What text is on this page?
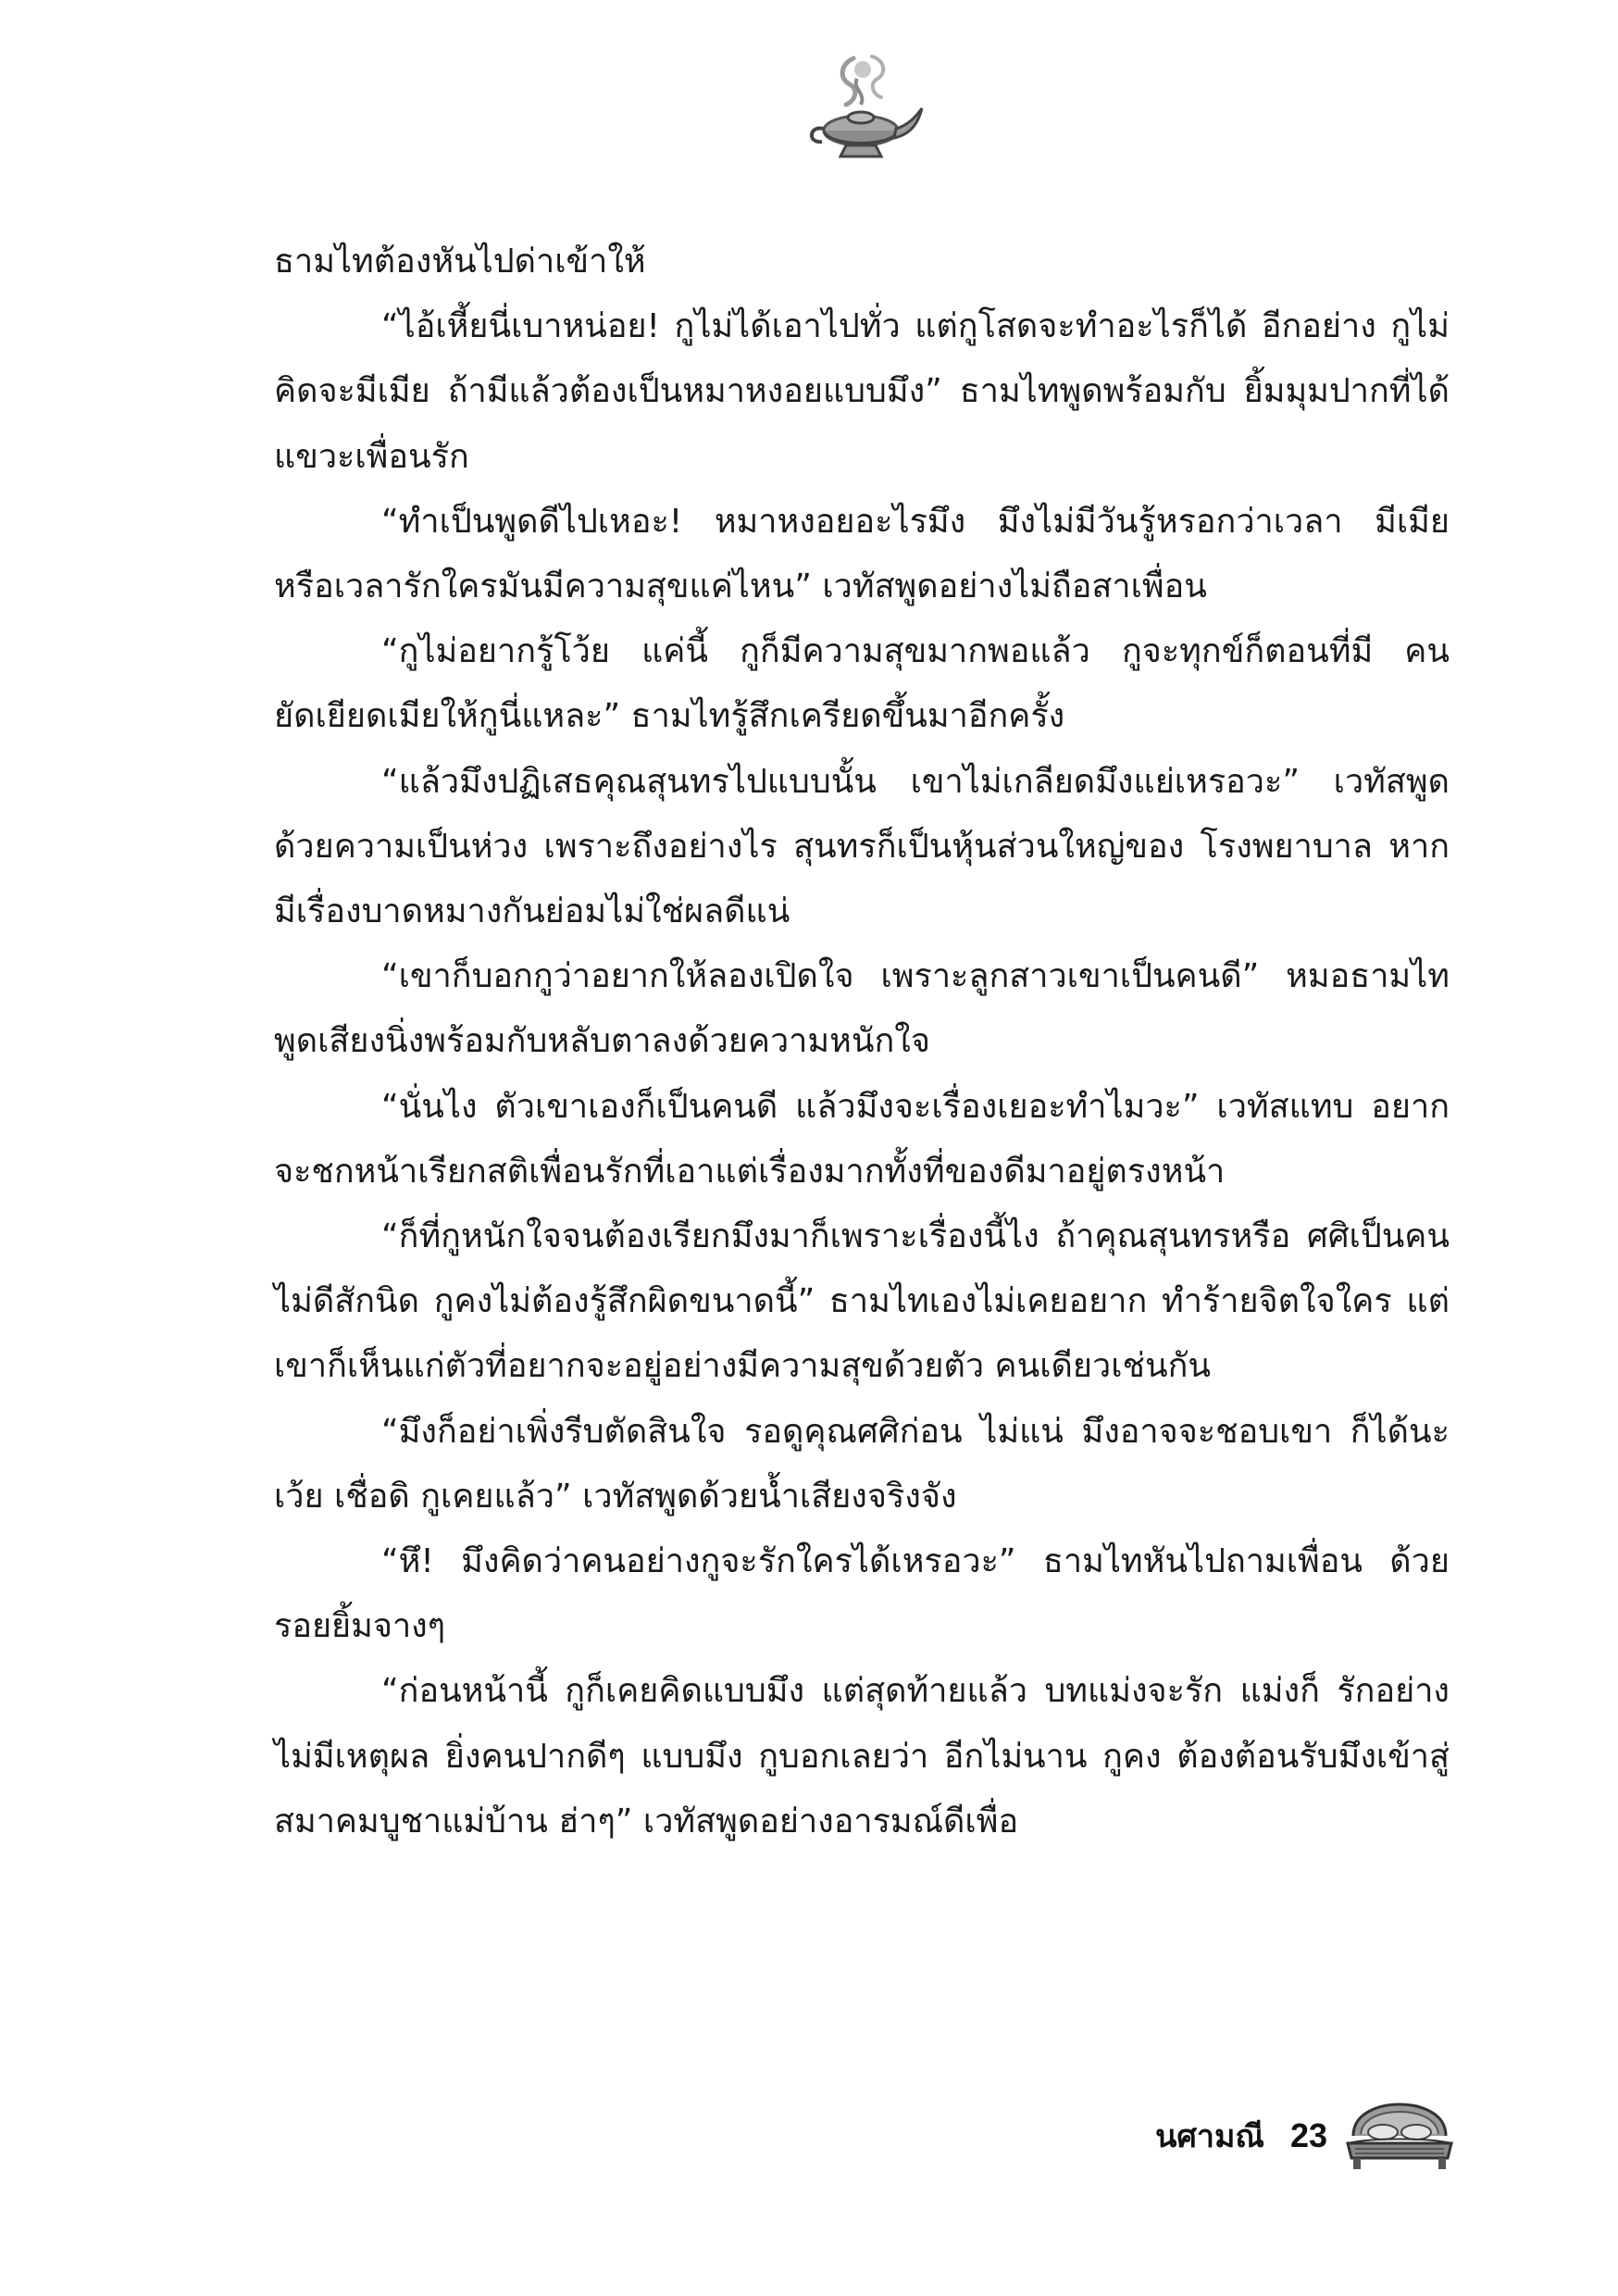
ธามไทต้องหันไปด่าเข้าให้

“ไอ้เหี้ยนี่เบาหน่อย! กูไม่ได้เอาไปทั่ว แต่กูโสดจะทำอะไรก็ได้ อีกอย่าง กูไม่คิดจะมีเมีย ถ้ามีแล้วต้องเป็นหมาหงอยแบบมึง” ธามไทพูดพร้อมกับ ยิ้มมุมปากที่ได้แขวะเพื่อนรัก

“ทำเป็นพูดดีไปเหอะ! หมาหงอยอะไรมึง มึงไม่มีวันรู้หรอกว่าเวลา มีเมีย หรือเวลารักใครมันมีความสุขแค่ไหน” เวทัสพูดอย่างไม่ถือสาเพื่อน

“กูไม่อยากรู้โว้ย แค่นี้ กูก็มีความสุขมากพอแล้ว กูจะทุกข์ก็ตอนที่มี คนยัดเยียดเมียให้กูนี่แหละ” ธามไทรู้สึกเครียดขึ้นมาอีกครั้ง

“แล้วมึงปฏิเสธคุณสุนทรไปแบบนั้น เขาไม่เกลียดมึงแย่เหรอวะ” เวทัสพูดด้วยความเป็นห่วง เพราะถึงอย่างไร สุนทรก็เป็นหุ้นส่วนใหญ่ของ โรงพยาบาล หากมีเรื่องบาดหมางกันย่อมไม่ใช่ผลดีแน่

“เขาก็บอกกูว่าอยากให้ลองเปิดใจ เพราะลูกสาวเขาเป็นคนดี” หมอธามไทพูดเสียงนิ่งพร้อมกับหลับตาลงด้วยความหนักใจ

“นั่นไง ตัวเขาเองก็เป็นคนดี แล้วมึงจะเรื่องเยอะทำไมวะ” เวทัสแทบ อยากจะชกหน้าเรียกสติเพื่อนรักที่เอาแต่เรื่องมากทั้งที่ของดีมาอยู่ตรงหน้า

“ก็ที่กูหนักใจจนต้องเรียกมึงมาก็เพราะเรื่องนี้ไง ถ้าคุณสุนทรหรือ ศศิเป็นคนไม่ดีสักนิด กูคงไม่ต้องรู้สึกผิดขนาดนี้” ธามไทเองไม่เคยอยาก ทำร้ายจิตใจใคร แต่เขาก็เห็นแก่ตัวที่อยากจะอยู่อย่างมีความสุขด้วยตัว คนเดียวเช่นกัน

“มึงก็อย่าเพิ่งรีบตัดสินใจ รอดูคุณศศิก่อน ไม่แน่ มึงอาจจะชอบเขา ก็ได้นะเว้ย เชื่อดิ กูเคยแล้ว” เวทัสพูดด้วยน้ำเสียงจริงจัง

“หึ! มึงคิดว่าคนอย่างกูจะรักใครได้เหรอวะ” ธามไทหันไปถามเพื่อน ด้วยรอยยิ้มจางๆ

“ก่อนหน้านี้ กูก็เคยคิดแบบมึง แต่สุดท้ายแล้ว บทแม่งจะรัก แม่งก็ รักอย่างไม่มีเหตุผล ยิ่งคนปากดีๆ แบบมึง กูบอกเลยว่า อีกไม่นาน กูคง ต้องต้อนรับมึงเข้าสู่สมาคมบูชาแม่บ้าน ฮ่าๆ” เวทัสพูดอย่างอารมณ์ดีเพื่อ

นศามณี 23
